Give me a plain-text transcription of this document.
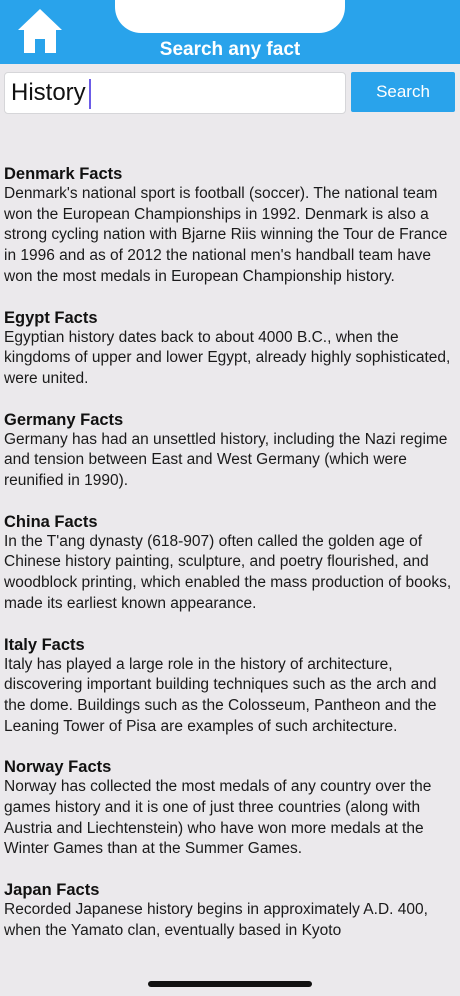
Search any fact
History
Search
Denmark Facts
Denmark's national sport is football (soccer). The national team won the European Championships in 1992. Denmark is also a strong cycling nation with Bjarne Riis winning the Tour de France in 1996 and as of 2012 the national men's handball team have won the most medals in European Championship history.
Egypt Facts
Egyptian history dates back to about 4000 B.C., when the kingdoms of upper and lower Egypt, already highly sophisticated, were united.
Germany Facts
Germany has had an unsettled history, including the Nazi regime and tension between East and West Germany (which were reunified in 1990).
China Facts
In the T'ang dynasty (618-907) often called the golden age of Chinese history painting, sculpture, and poetry flourished, and woodblock printing, which enabled the mass production of books, made its earliest known appearance.
Italy Facts
Italy has played a large role in the history of architecture, discovering important building techniques such as the arch and the dome. Buildings such as the Colosseum, Pantheon and the Leaning Tower of Pisa are examples of such architecture.
Norway Facts
Norway has collected the most medals of any country over the games history and it is one of just three countries (along with Austria and Liechtenstein) who have won more medals at the Winter Games than at the Summer Games.
Japan Facts
Recorded Japanese history begins in approximately A.D. 400, when the Yamato clan, eventually based in Kyoto
